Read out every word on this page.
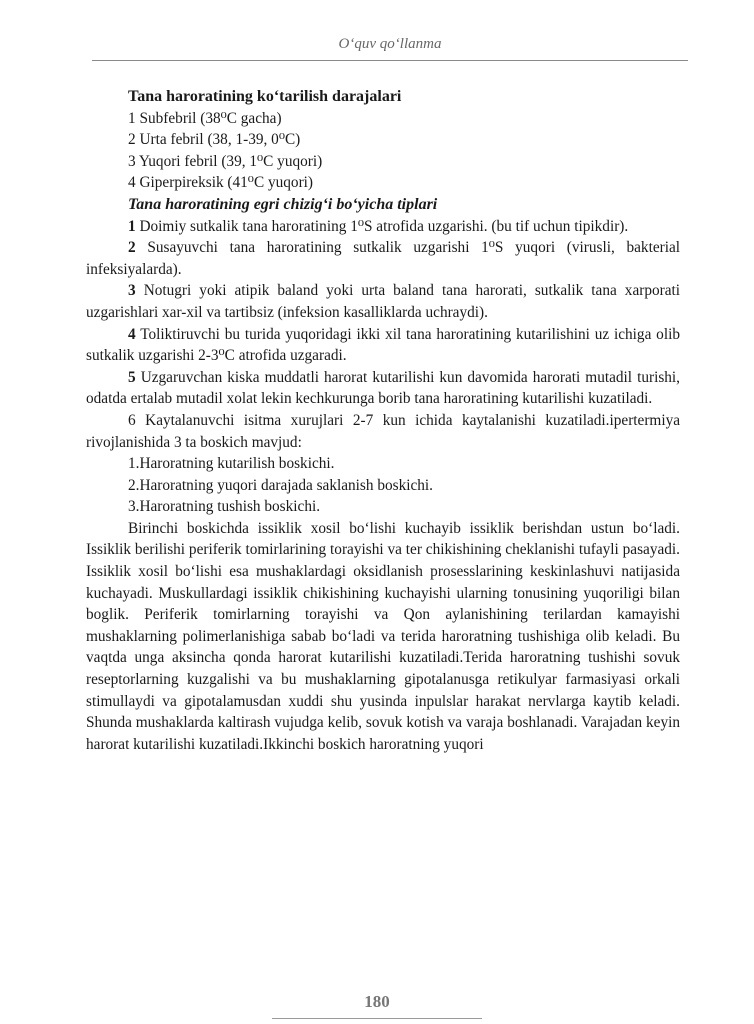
O‘quv qo‘llanma

Tana haroratining ko‘tarilish darajalari

1 Subfebril (38⁰C gacha)

2 Urta febril (38, 1-39, 0⁰C)

3 Yuqori febril (39, 1⁰C yuqori)

4 Giperpireksik (41⁰C yuqori)

Tana haroratining egri chizig‘i bo‘yicha tiplari

1 Doimiy sutkalik tana haroratining 1⁰S atrofida uzgarishi. (bu tif uchun tipikdir).

2 Susayuvchi tana haroratining sutkalik uzgarishi 1⁰S yuqori (virusli, bakterial infeksiyalarda).

3 Notugri yoki atipik baland yoki urta baland tana harorati, sutkalik tana xarporati uzgarishlari xar-xil va tartibsiz (infeksion kasalliklarda uchraydi).

4 Toliktiruvchi bu turida yuqoridagi ikki xil tana haroratining kutarilishini uz ichiga olib sutkalik uzgarishi 2-3⁰C atrofida uzgaradi.

5 Uzgaruvchan kiska muddatli harorat kutarilishi kun davomida harorati mutadil turishi, odatda ertalab mutadil xolat lekin kechkurunga borib tana haroratining kutarilishi kuzatiladi.

6 Kaytalanuvchi isitma xurujlari 2-7 kun ichida kaytalanishi kuzatiladi.ipertermiya rivojlanishida 3 ta boskich mavjud:

1.Haroratning kutarilish boskichi.

2.Haroratning yuqori darajada saklanish boskichi.

3.Haroratning tushish boskichi.

Birinchi boskichda issiklik xosil bo‘lishi kuchayib issiklik berishdan ustun bo‘ladi. Issiklik berilishi periferik tomirlarining torayishi va ter chikishining cheklanishi tufayli pasayadi. Issiklik xosil bo‘lishi esa mushaklardagi oksidlanish prosesslarining keskinlashuvi natijasida kuchayadi. Muskullardagi issiklik chikishining kuchayishi ularning tonusining yuqoriligi bilan boglik. Periferik tomirlarning torayishi va Qon aylanishining terilardan kamayishi mushaklarning polimerlanishiga sabab bo‘ladi va terida haroratning tushishiga olib keladi. Bu vaqtda unga aksincha qonda harorat kutarilishi kuzatiladi.Terida haroratning tushishi sovuk reseptorlarning kuzgalishi va bu mushaklarning gipotalanusga retikulyar farmasiyasi orkali stimullaydi va gipotalamusdan xuddi shu yusinda inpulslar harakat nervlarga kaytib keladi. Shunda mushaklarda kaltirash vujudga kelib, sovuk kotish va varaja boshlanadi. Varajadan keyin harorat kutarilishi kuzatiladi.Ikkinchi boskich haroratning yuqori

180
